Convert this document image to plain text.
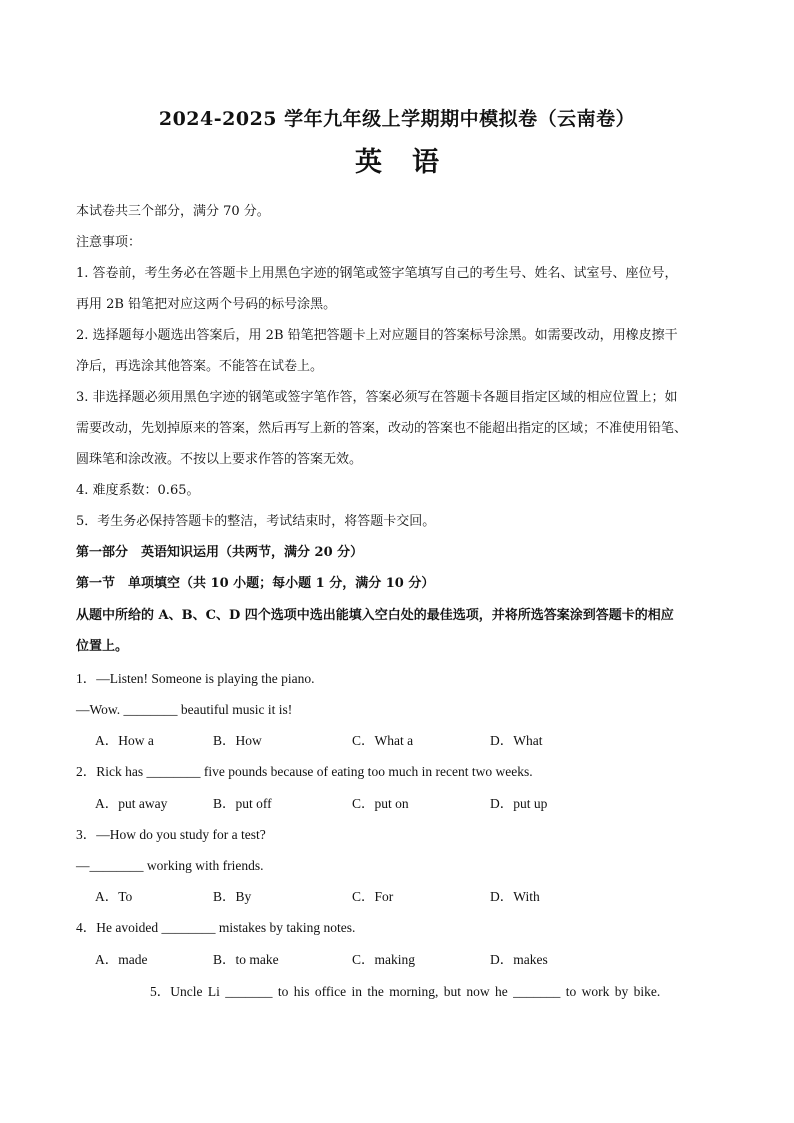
2024-2025 学年九年级上学期期中模拟卷（云南卷）
英语
本试卷共三个部分，满分 70 分。
注意事项：
1. 答卷前，考生务必在答题卡上用黑色字迹的钢笔或签字笔填写自己的考生号、姓名、试室号、座位号，
再用 2B 铅笔把对应这两个号码的标号涂黑。
2. 选择题每小题选出答案后，用 2B 铅笔把答题卡上对应题目的答案标号涂黑。如需要改动，用橡皮擦干
净后，再选涂其他答案。不能答在试卷上。
3. 非选择题必须用黑色字迹的钢笔或签字笔作答，答案必须写在答题卡各题目指定区域的相应位置上；如
需要改动，先划掉原来的答案，然后再写上新的答案，改动的答案也不能超出指定的区域；不准使用铅笔、
圆珠笔和涂改液。不按以上要求作答的答案无效。
4. 难度系数：0.65。
5．考生务必保持答题卡的整洁，考试结束时，将答题卡交回。
第一部分　英语知识运用（共两节，满分 20 分）
第一节　单项填空（共 10 小题；每小题 1 分，满分 10 分）
从题中所给的 A、B、C、D 四个选项中选出能填入空白处的最佳选项，并将所选答案涂到答题卡的相应
位置上。
1．—Listen! Someone is playing the piano.
—Wow. ________ beautiful music it is!
A．How a	B．How	C．What a	D．What
2．Rick has ________ five pounds because of eating too much in recent two weeks.
A．put away	B．put off	C．put on	D．put up
3．—How do you study for a test?
—________ working with friends.
A．To	B．By	C．For	D．With
4．He avoided ________ mistakes by taking notes.
A．made	B．to make	C．making	D．makes
5．Uncle Li _______ to his office in the morning, but now he _______ to work by bike.
